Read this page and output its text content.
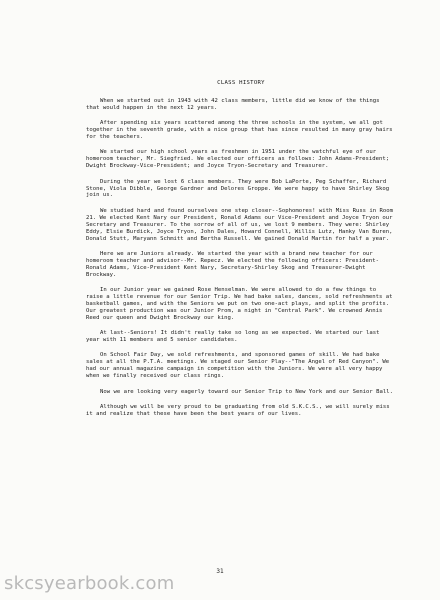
CLASS HISTORY

When we started out in 1943 with 42 class members, little did we know of the things that would happen in the next 12 years.

After spending six years scattered among the three schools in the system, we all got together in the seventh grade, with a nice group that has since resulted in many gray hairs for the teachers.

We started our high school years as freshmen in 1951 under the watchful eye of our homeroom teacher, Mr. Siegfried. We elected our officers as follows: John Adams-President; Dwight Brockway-Vice-President; and Joyce Tryon-Secretary and Treasurer.

During the year we lost 6 class members. They were Bob LaPorte, Peg Schaffer, Richard Stone, Viola Dibble, George Gardner and Delores Groppe. We were happy to have Shirley Skog join us.

We studied hard and found ourselves one step closer--Sophomores! with Miss Russ in Room 21. We elected Kent Nary our President, Ronald Adams our Vice-President and Joyce Tryon our Secretary and Treasurer. To the sorrow of all of us, we lost 9 members. They were: Shirley Eddy, Elsie Burdick, Joyce Tryon, John Dales, Howard Connell, Willis Lutz, Hanky Van Buren, Donald Stutt, Maryann Schmitt and Bertha Russell. We gained Donald Martin for half a year.

Here we are Juniors already. We started the year with a brand new teacher for our homeroom teacher and advisor--Mr. Repecz. We elected the following officers: President-Ronald Adams, Vice-President Kent Nary, Secretary-Shirley Skog and Treasurer-Dwight Brockway.

In our Junior year we gained Rose Henselman. We were allowed to do a few things to raise a little revenue for our Senior Trip. We had bake sales, dances, sold refreshments at basketball games, and with the Seniors we put on two one-act plays, and split the profits. Our greatest production was our Junior Prom, a night in "Central Park". We crowned Annis Reed our queen and Dwight Brockway our king.

At last--Seniors! It didn't really take so long as we expected. We started our last year with 11 members and 5 senior candidates.

On School Fair Day, we sold refreshments, and sponsored games of skill. We had bake sales at all the P.T.A. meetings. We staged our Senior Play--"The Angel of Red Canyon". We had our annual magazine campaign in competition with the Juniors. We were all very happy when we finally received our class rings.

Now we are looking very eagerly toward our Senior Trip to New York and our Senior Ball.

Although we will be very proud to be graduating from old S.K.C.S., we will surely miss it and realize that these have been the best years of our lives.

31
skcsyearbook.com
